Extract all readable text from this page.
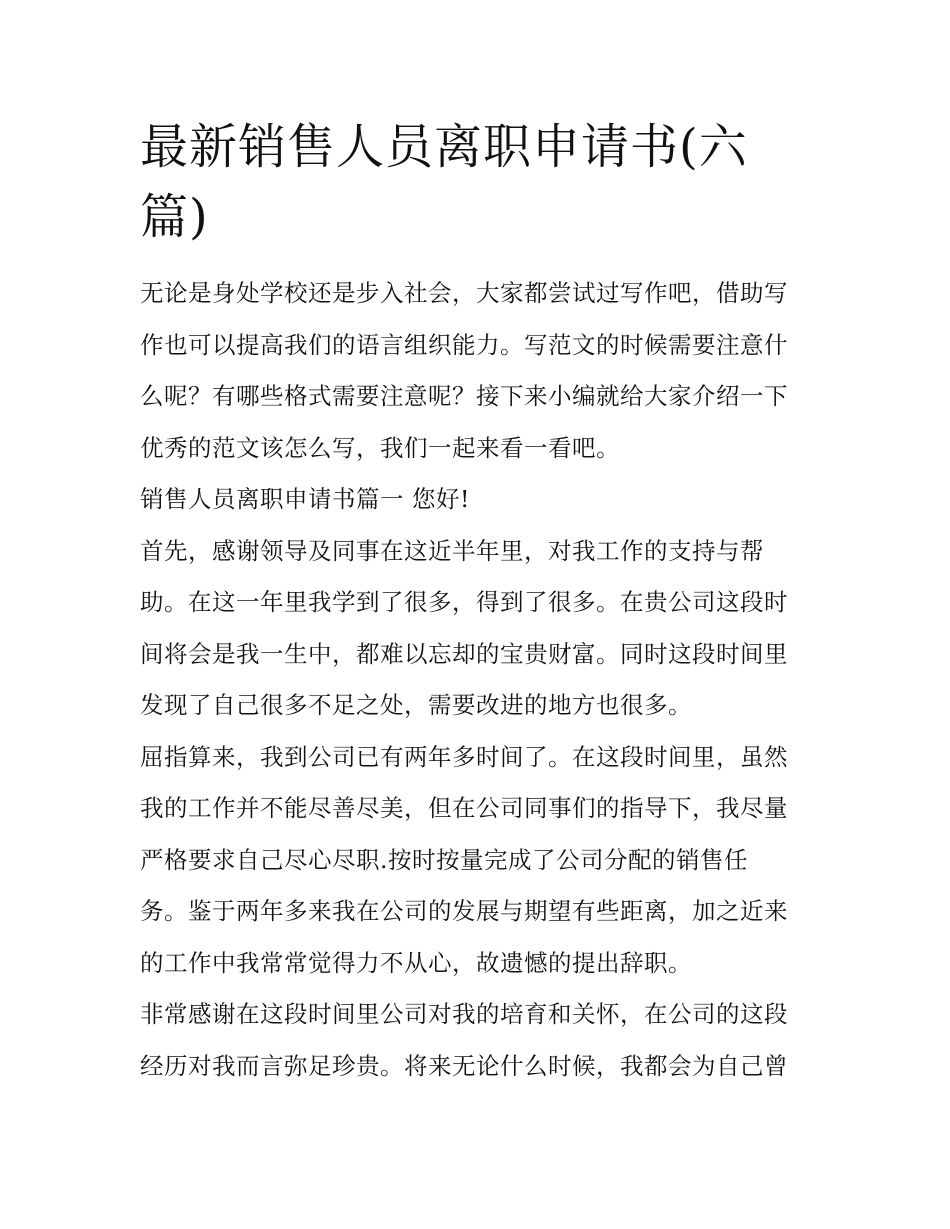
最新销售人员离职申请书(六
篇)
无论是身处学校还是步入社会，大家都尝试过写作吧，借助写
作也可以提高我们的语言组织能力。写范文的时候需要注意什
么呢？有哪些格式需要注意呢？接下来小编就给大家介绍一下
优秀的范文该怎么写，我们一起来看一看吧。
销售人员离职申请书篇一 您好!
首先，感谢领导及同事在这近半年里，对我工作的支持与帮
助。在这一年里我学到了很多，得到了很多。在贵公司这段时
间将会是我一生中，都难以忘却的宝贵财富。同时这段时间里
发现了自己很多不足之处，需要改进的地方也很多。
屈指算来，我到公司已有两年多时间了。在这段时间里，虽然
我的工作并不能尽善尽美，但在公司同事们的指导下，我尽量
严格要求自己尽心尽职.按时按量完成了公司分配的销售任
务。鉴于两年多来我在公司的发展与期望有些距离，加之近来
的工作中我常常觉得力不从心，故遗憾的提出辞职。
非常感谢在这段时间里公司对我的培育和关怀，在公司的这段
经历对我而言弥足珍贵。将来无论什么时候，我都会为自己曾
